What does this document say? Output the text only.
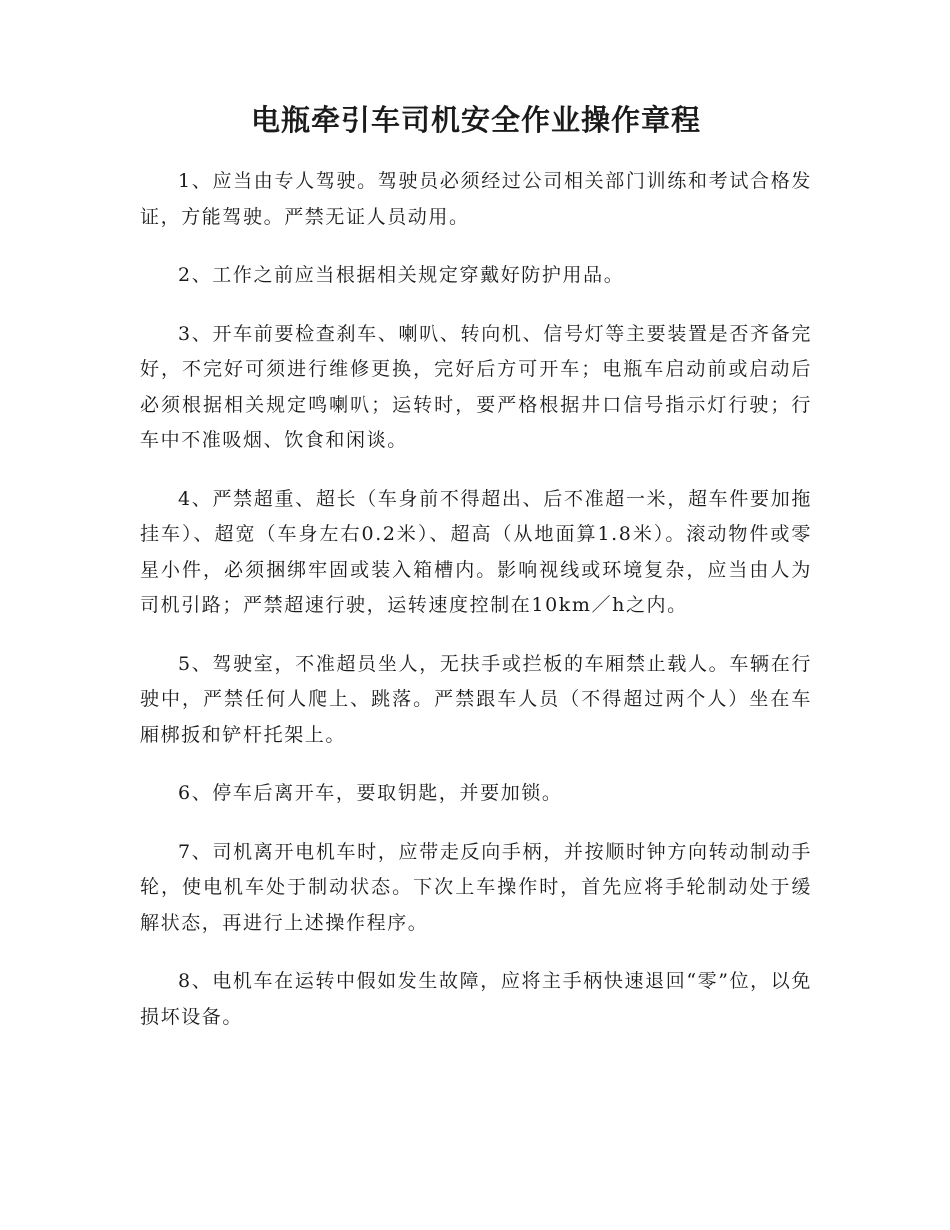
电瓶牵引车司机安全作业操作章程

1、应当由专人驾驶。驾驶员必须经过公司相关部门训练和考试合格发证，方能驾驶。严禁无证人员动用。

2、工作之前应当根据相关规定穿戴好防护用品。

3、开车前要检查刹车、喇叭、转向机、信号灯等主要装置是否齐备完好，不完好可须进行维修更换，完好后方可开车；电瓶车启动前或启动后必须根据相关规定鸣喇叭；运转时，要严格根据井口信号指示灯行驶；行车中不准吸烟、饮食和闲谈。

4、严禁超重、超长（车身前不得超出、后不准超一米，超车件要加拖挂车）、超宽（车身左右0.2米）、超高（从地面算1.8米）。滚动物件或零星小件，必须捆绑牢固或装入箱槽内。影响视线或环境复杂，应当由人为司机引路；严禁超速行驶，运转速度控制在10km／h之内。

5、驾驶室，不准超员坐人，无扶手或拦板的车厢禁止载人。车辆在行驶中，严禁任何人爬上、跳落。严禁跟车人员（不得超过两个人）坐在车厢梆扳和铲杆托架上。

6、停车后离开车，要取钥匙，并要加锁。

7、司机离开电机车时，应带走反向手柄，并按顺时钟方向转动制动手轮，使电机车处于制动状态。下次上车操作时，首先应将手轮制动处于缓解状态，再进行上述操作程序。

8、电机车在运转中假如发生故障，应将主手柄快速退回“零”位，以免损坏设备。
